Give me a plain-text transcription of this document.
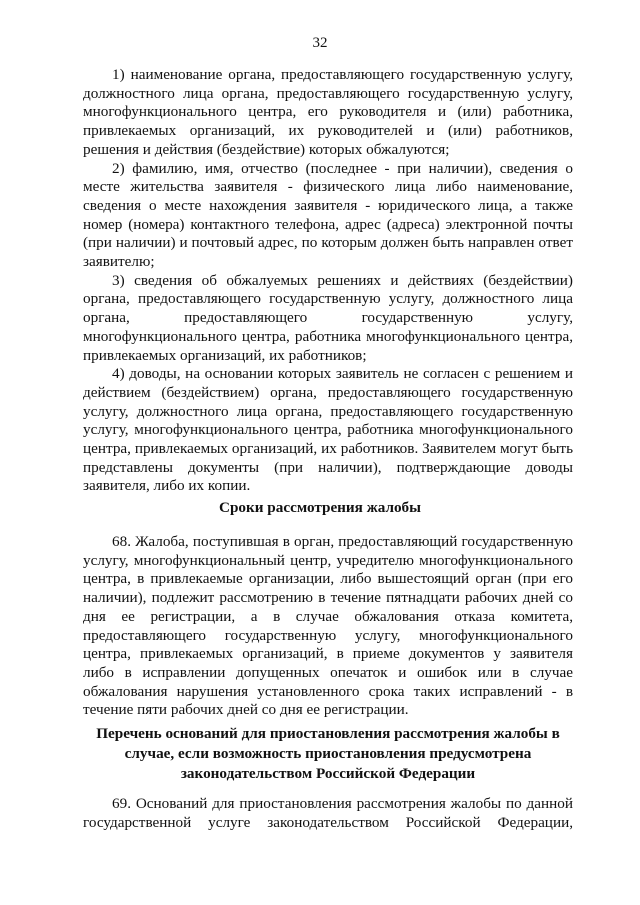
32
1) наименование органа, предоставляющего государственную услугу,
должностного лица органа, предоставляющего государственную услугу,
многофункционального центра, его руководителя и (или) работника,
привлекаемых организаций, их руководителей и (или) работников,
решения и действия (бездействие) которых обжалуются;
2) фамилию, имя, отчество (последнее - при наличии), сведения о
месте жительства заявителя - физического лица либо наименование,
сведения о месте нахождения заявителя - юридического лица, а также
номер (номера) контактного телефона, адрес (адреса) электронной почты
(при наличии) и почтовый адрес, по которым должен быть направлен ответ
заявителю;
3) сведения об обжалуемых решениях и действиях (бездействии)
органа, предоставляющего государственную услугу, должностного лица
органа, предоставляющего государственную услугу,
многофункционального центра, работника многофункционального центра,
привлекаемых организаций, их работников;
4) доводы, на основании которых заявитель не согласен с решением и
действием (бездействием) органа, предоставляющего государственную
услугу, должностного лица органа, предоставляющего государственную
услугу, многофункционального центра, работника многофункционального
центра, привлекаемых организаций, их работников. Заявителем могут быть
представлены документы (при наличии), подтверждающие доводы
заявителя, либо их копии.
Сроки рассмотрения жалобы
68. Жалоба, поступившая в орган, предоставляющий государственную
услугу, многофункциональный центр, учредителю многофункционального
центра, в привлекаемые организации, либо вышестоящий орган (при его
наличии), подлежит рассмотрению в течение пятнадцати рабочих дней со
дня ее регистрации, а в случае обжалования отказа комитета,
предоставляющего государственную услугу, многофункционального
центра, привлекаемых организаций, в приеме документов у заявителя
либо в исправлении допущенных опечаток и ошибок или в случае
обжалования нарушения установленного срока таких исправлений - в
течение пяти рабочих дней со дня ее регистрации.
Перечень оснований для приостановления рассмотрения жалобы в
случае, если возможность приостановления предусмотрена
законодательством Российской Федерации
69. Оснований для приостановления рассмотрения жалобы по данной
государственной услуге законодательством Российской Федерации,
